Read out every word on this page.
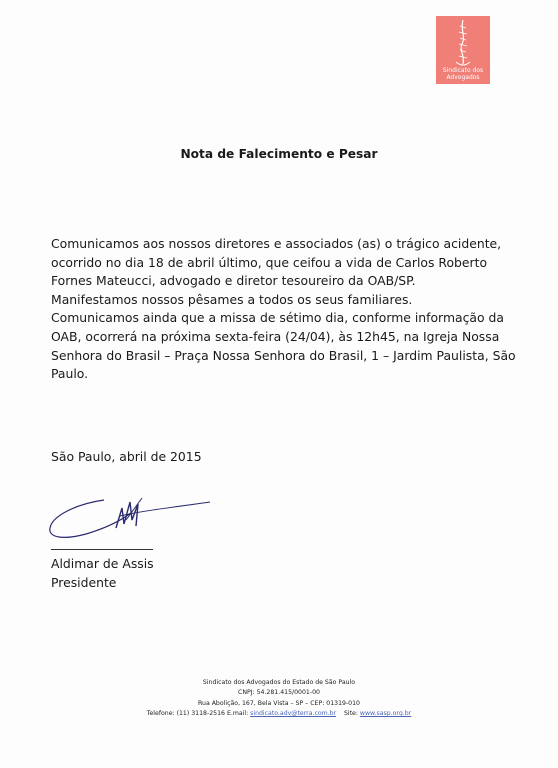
Sindicato dos
Advogados
Nota de Falecimento e Pesar
Comunicamos aos nossos diretores e associados (as) o trágico acidente,
ocorrido no dia 18 de abril último, que ceifou a vida de Carlos Roberto
Fornes Mateucci, advogado e diretor tesoureiro da OAB/SP.
Manifestamos nossos pêsames a todos os seus familiares.
Comunicamos ainda que a missa de sétimo dia, conforme informação da
OAB, ocorrerá na próxima sexta-feira (24/04), às 12h45, na Igreja Nossa
Senhora do Brasil – Praça Nossa Senhora do Brasil, 1 – Jardim Paulista, São
Paulo.
São Paulo, abril de 2015
Aldimar de Assis
Presidente
Sindicato dos Advogados do Estado de São Paulo
CNPJ: 54.281.415/0001-00
Rua Abolição, 167, Bela Vista – SP – CEP: 01319-010
Telefone: (11) 3118-2516 E.mail: sindicato.adv@terra.com.br Site: www.sasp.org.br
